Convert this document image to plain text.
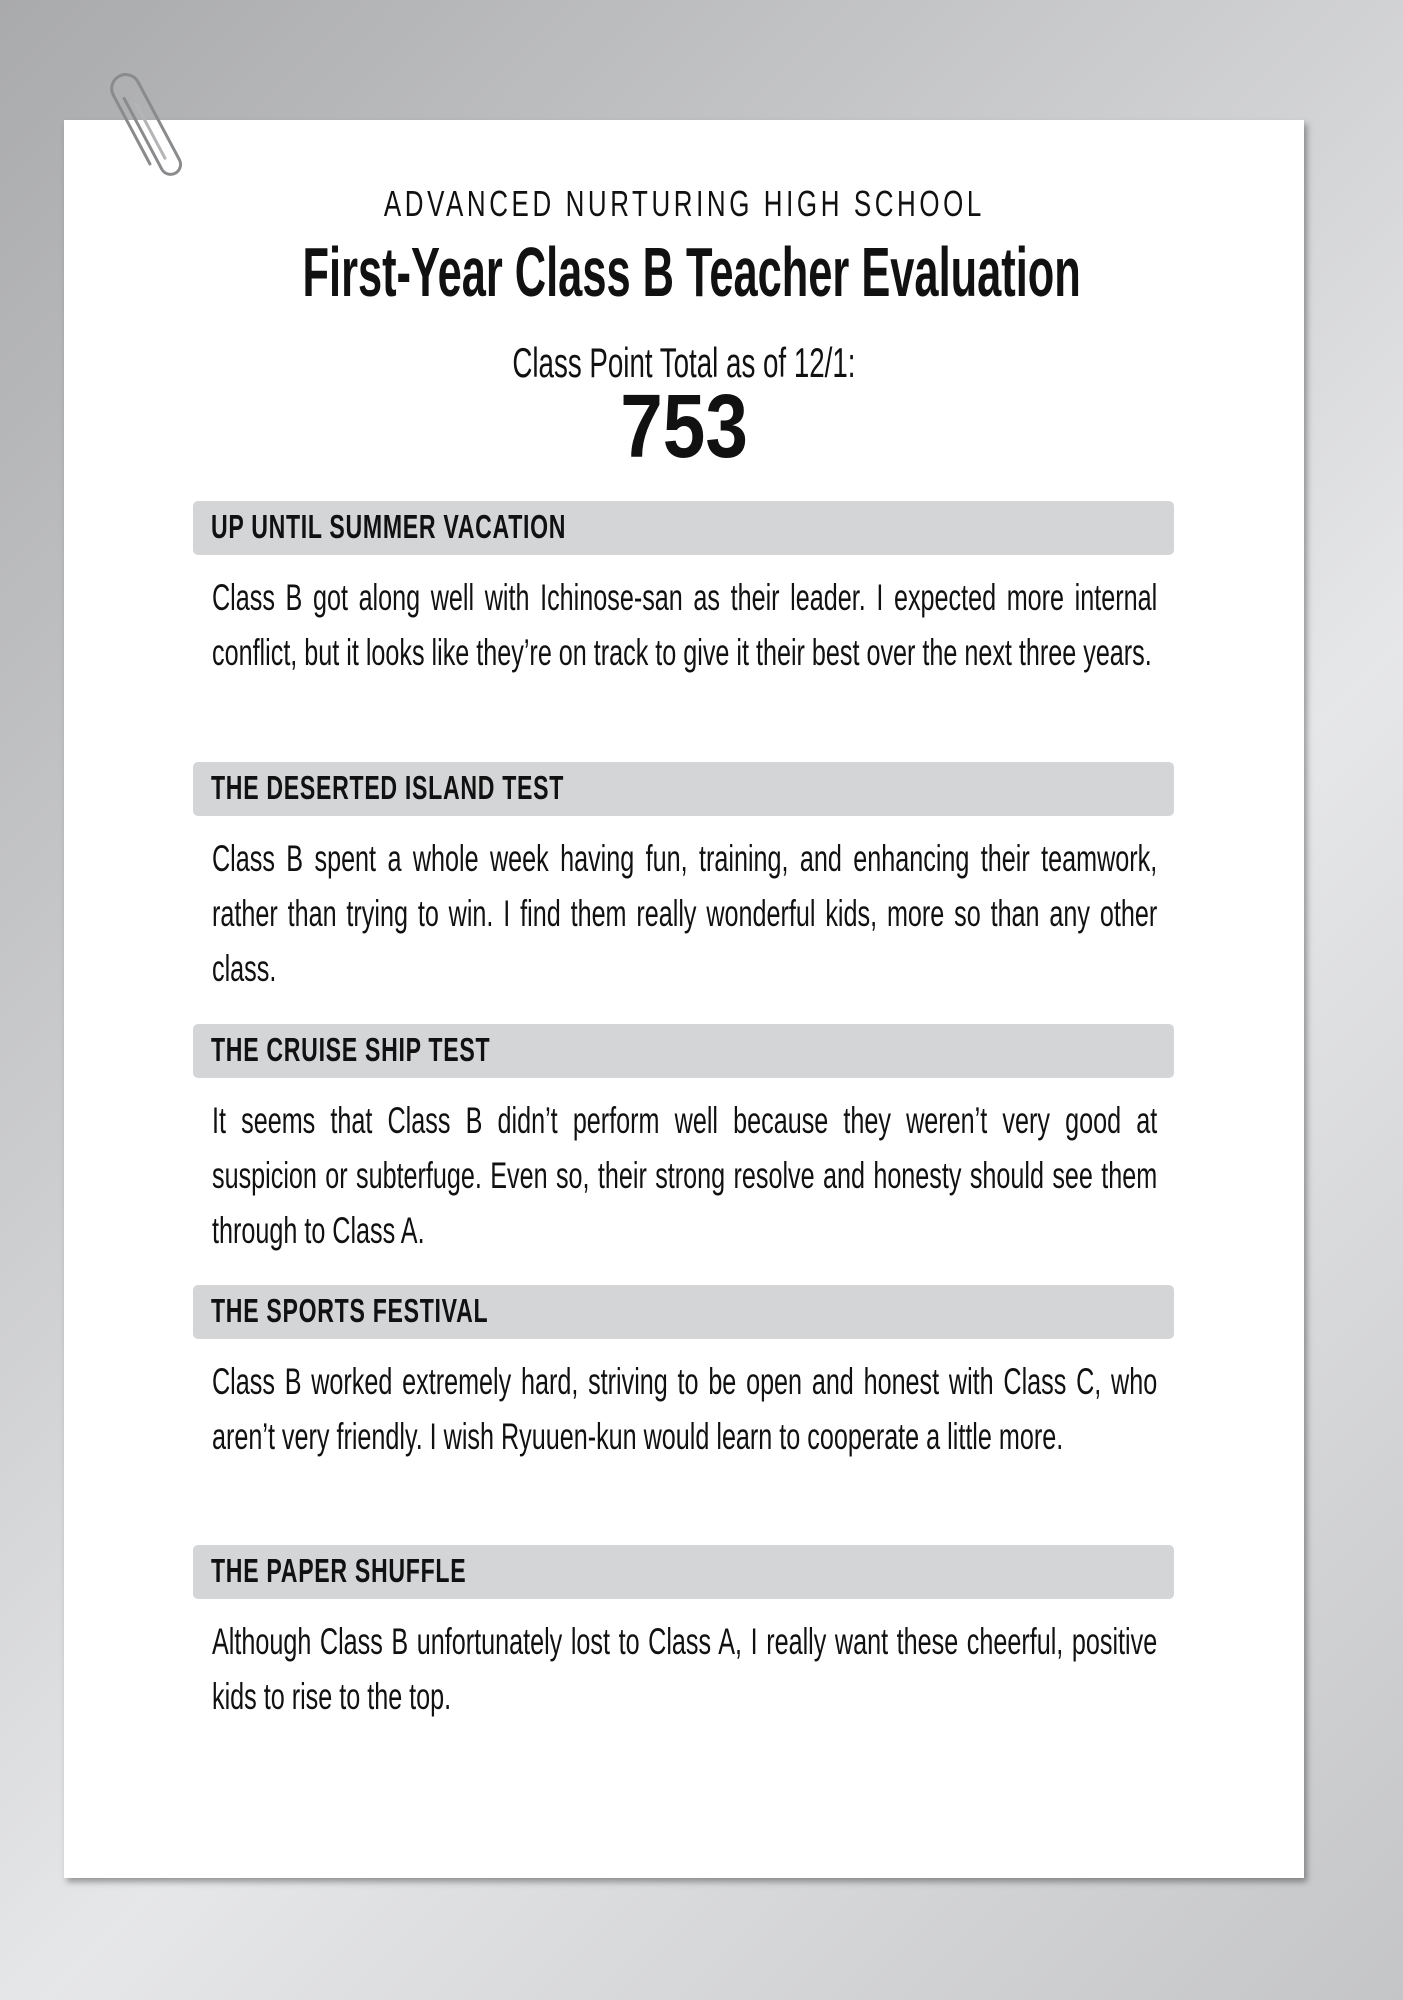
ADVANCED NURTURING HIGH SCHOOL
First-Year Class B Teacher Evaluation
Class Point Total as of 12/1:
753
UP UNTIL SUMMER VACATION
Class B got along well with Ichinose-san as their leader. I expected more internal conflict, but it looks like they’re on track to give it their best over the next three years.
THE DESERTED ISLAND TEST
Class B spent a whole week having fun, training, and enhancing their teamwork, rather than trying to win. I find them really wonderful kids, more so than any other class.
THE CRUISE SHIP TEST
It seems that Class B didn’t perform well because they weren’t very good at suspicion or subterfuge. Even so, their strong resolve and honesty should see them through to Class A.
THE SPORTS FESTIVAL
Class B worked extremely hard, striving to be open and honest with Class C, who aren’t very friendly. I wish Ryuuen-kun would learn to cooperate a little more.
THE PAPER SHUFFLE
Although Class B unfortunately lost to Class A, I really want these cheerful, positive kids to rise to the top.
